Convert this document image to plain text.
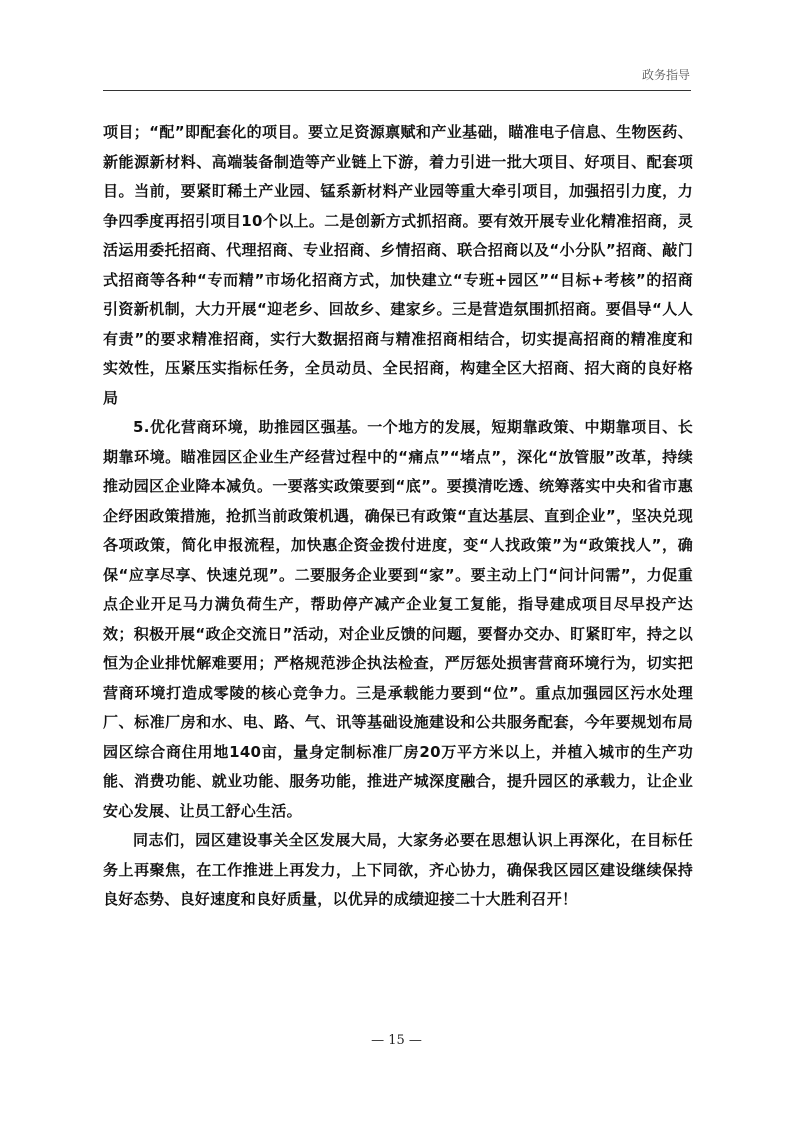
政务指导

项目；“配”即配套化的项目。要立足资源禀赋和产业基础，瞄准电子信息、生物医药、新能源新材料、高端装备制造等产业链上下游，着力引进一批大项目、好项目、配套项目。当前，要紧盯稀土产业园、锰系新材料产业园等重大牵引项目，加强招引力度，力争四季度再招引项目10个以上。二是创新方式抓招商。要有效开展专业化精准招商，灵活运用委托招商、代理招商、专业招商、乡情招商、联合招商以及“小分队”招商、敲门式招商等各种“专而精”市场化招商方式，加快建立“专班+园区”“目标+考核”的招商引资新机制，大力开展“迎老乡、回故乡、建家乡。三是营造氛围抓招商。要倡导“人人有责”的要求精准招商，实行大数据招商与精准招商相结合，切实提高招商的精准度和实效性，压紧压实指标任务，全员动员、全民招商，构建全区大招商、招大商的良好格局

5.优化营商环境，助推园区强基。一个地方的发展，短期靠政策、中期靠项目、长期靠环境。瞄准园区企业生产经营过程中的“痛点”“堵点”，深化“放管服”改革，持续推动园区企业降本减负。一要落实政策要到“底”。要摸清吃透、统筹落实中央和省市惠企纾困政策措施，抢抓当前政策机遇，确保已有政策“直达基层、直到企业”，坚决兑现各项政策，简化申报流程，加快惠企资金拨付进度，变“人找政策”为“政策找人”，确保“应享尽享、快速兑现”。二要服务企业要到“家”。要主动上门“问计问需”，力促重点企业开足马力满负荷生产，帮助停产减产企业复工复能，指导建成项目尽早投产达效；积极开展“政企交流日”活动，对企业反馈的问题，要督办交办、盯紧盯牢，持之以恒为企业排忧解难要用；严格规范涉企执法检查，严厉惩处损害营商环境行为，切实把营商环境打造成零陵的核心竞争力。三是承载能力要到“位”。重点加强园区污水处理厂、标准厂房和水、电、路、气、讯等基础设施建设和公共服务配套，今年要规划布局园区综合商住用地140亩，量身定制标准厂房20万平方米以上，并植入城市的生产功能、消费功能、就业功能、服务功能，推进产城深度融合，提升园区的承载力，让企业安心发展、让员工舒心生活。

同志们，园区建设事关全区发展大局，大家务必要在思想认识上再深化，在目标任务上再聚焦，在工作推进上再发力，上下同欲，齐心协力，确保我区园区建设继续保持良好态势、良好速度和良好质量，以优异的成绩迎接二十大胜利召开！

— 15 —
